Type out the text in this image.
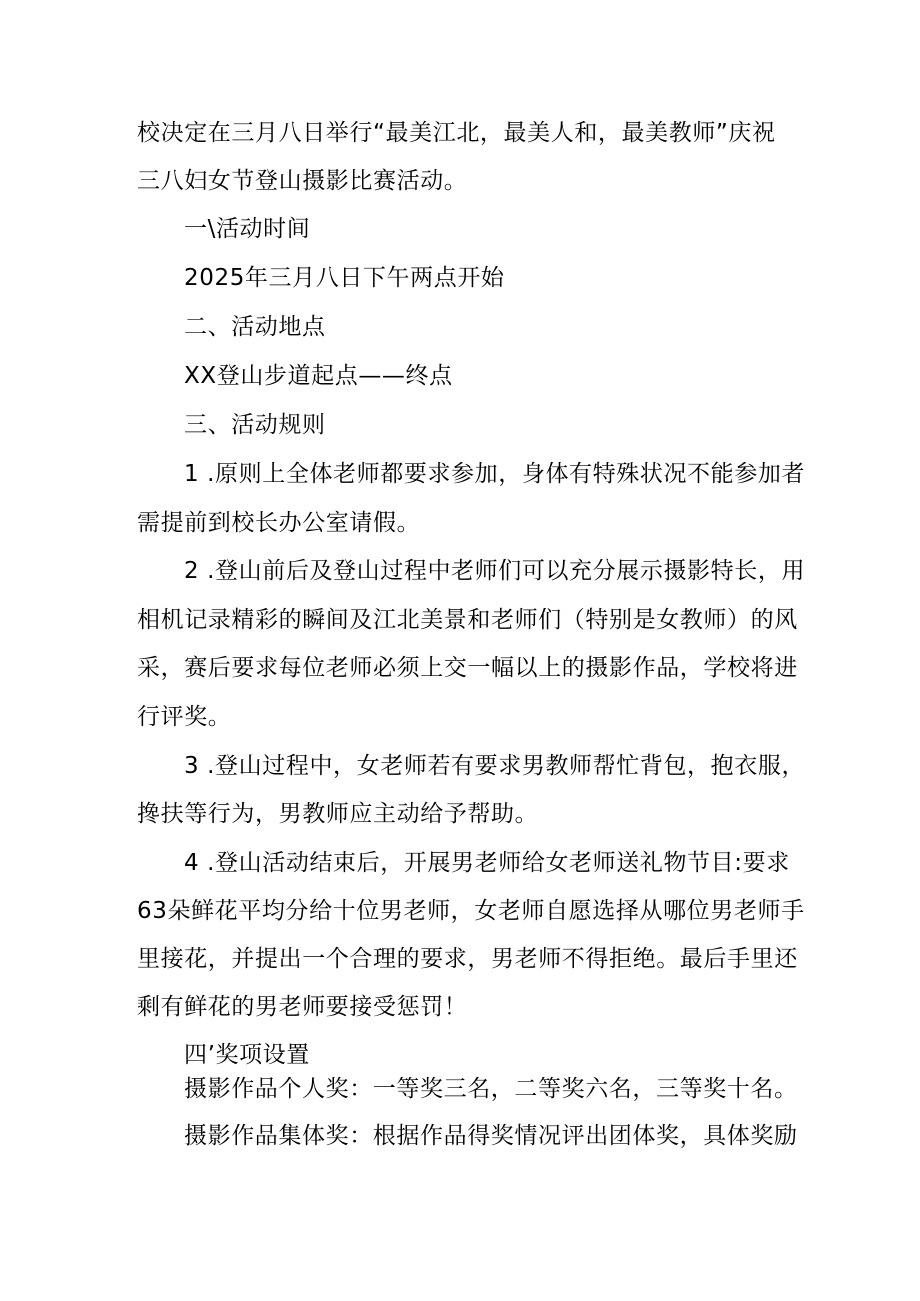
校决定在三月八日举行“最美江北，最美人和，最美教师”庆祝
三八妇女节登山摄影比赛活动。
一\活动时间
2025年三月八日下午两点开始
二、活动地点
XX登山步道起点——终点
三、活动规则
1 .原则上全体老师都要求参加，身体有特殊状况不能参加者
需提前到校长办公室请假。
2 .登山前后及登山过程中老师们可以充分展示摄影特长，用
相机记录精彩的瞬间及江北美景和老师们（特别是女教师）的风
采，赛后要求每位老师必须上交一幅以上的摄影作品，学校将进
行评奖。
3 .登山过程中，女老师若有要求男教师帮忙背包，抱衣服，
搀扶等行为，男教师应主动给予帮助。
4 .登山活动结束后，开展男老师给女老师送礼物节目:要求
63朵鲜花平均分给十位男老师，女老师自愿选择从哪位男老师手
里接花，并提出一个合理的要求，男老师不得拒绝。最后手里还
剩有鲜花的男老师要接受惩罚！
四’奖项设置
摄影作品个人奖：一等奖三名，二等奖六名，三等奖十名。
摄影作品集体奖：根据作品得奖情况评出团体奖，具体奖励
